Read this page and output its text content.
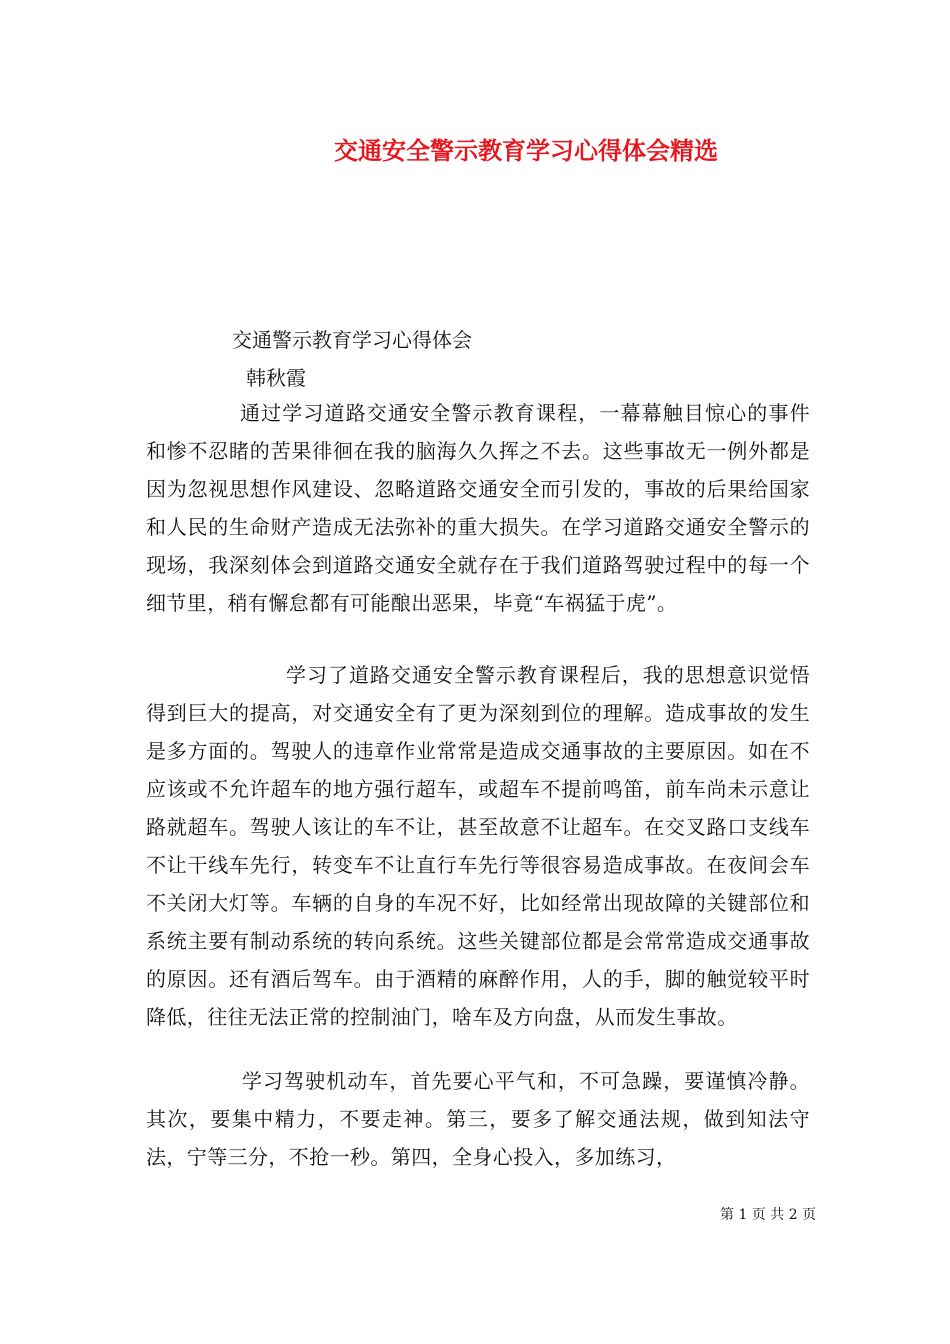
交通安全警示教育学习心得体会精选
交通警示教育学习心得体会
韩秋霞

通过学习道路交通安全警示教育课程，一幕幕触目惊心的事件和惨不忍睹的苦果徘徊在我的脑海久久挥之不去。这些事故无一例外都是因为忽视思想作风建设、忽略道路交通安全而引发的，事故的后果给国家和人民的生命财产造成无法弥补的重大损失。在学习道路交通安全警示的现场，我深刻体会到道路交通安全就存在于我们道路驾驶过程中的每一个细节里，稍有懈怠都有可能酿出恶果，毕竟“车祸猛于虎”。

学习了道路交通安全警示教育课程后，我的思想意识觉悟得到巨大的提高，对交通安全有了更为深刻到位的理解。造成事故的发生是多方面的。驾驶人的违章作业常常是造成交通事故的主要原因。如在不应该或不允许超车的地方强行超车，或超车不提前鸣笛，前车尚未示意让路就超车。驾驶人该让的车不让，甚至故意不让超车。在交叉路口支线车不让干线车先行，转变车不让直行车先行等很容易造成事故。在夜间会车不关闭大灯等。车辆的自身的车况不好，比如经常出现故障的关键部位和系统主要有制动系统的转向系统。这些关键部位都是会常常造成交通事故的原因。还有酒后驾车。由于酒精的麻醉作用，人的手，脚的触觉较平时降低，往往无法正常的控制油门，啥车及方向盘，从而发生事故。

学习驾驶机动车，首先要心平气和，不可急躁，要谨慎冷静。其次，要集中精力，不要走神。第三，要多了解交通法规，做到知法守法，宁等三分，不抢一秒。第四，全身心投入，多加练习，

第 1 页 共 2 页
